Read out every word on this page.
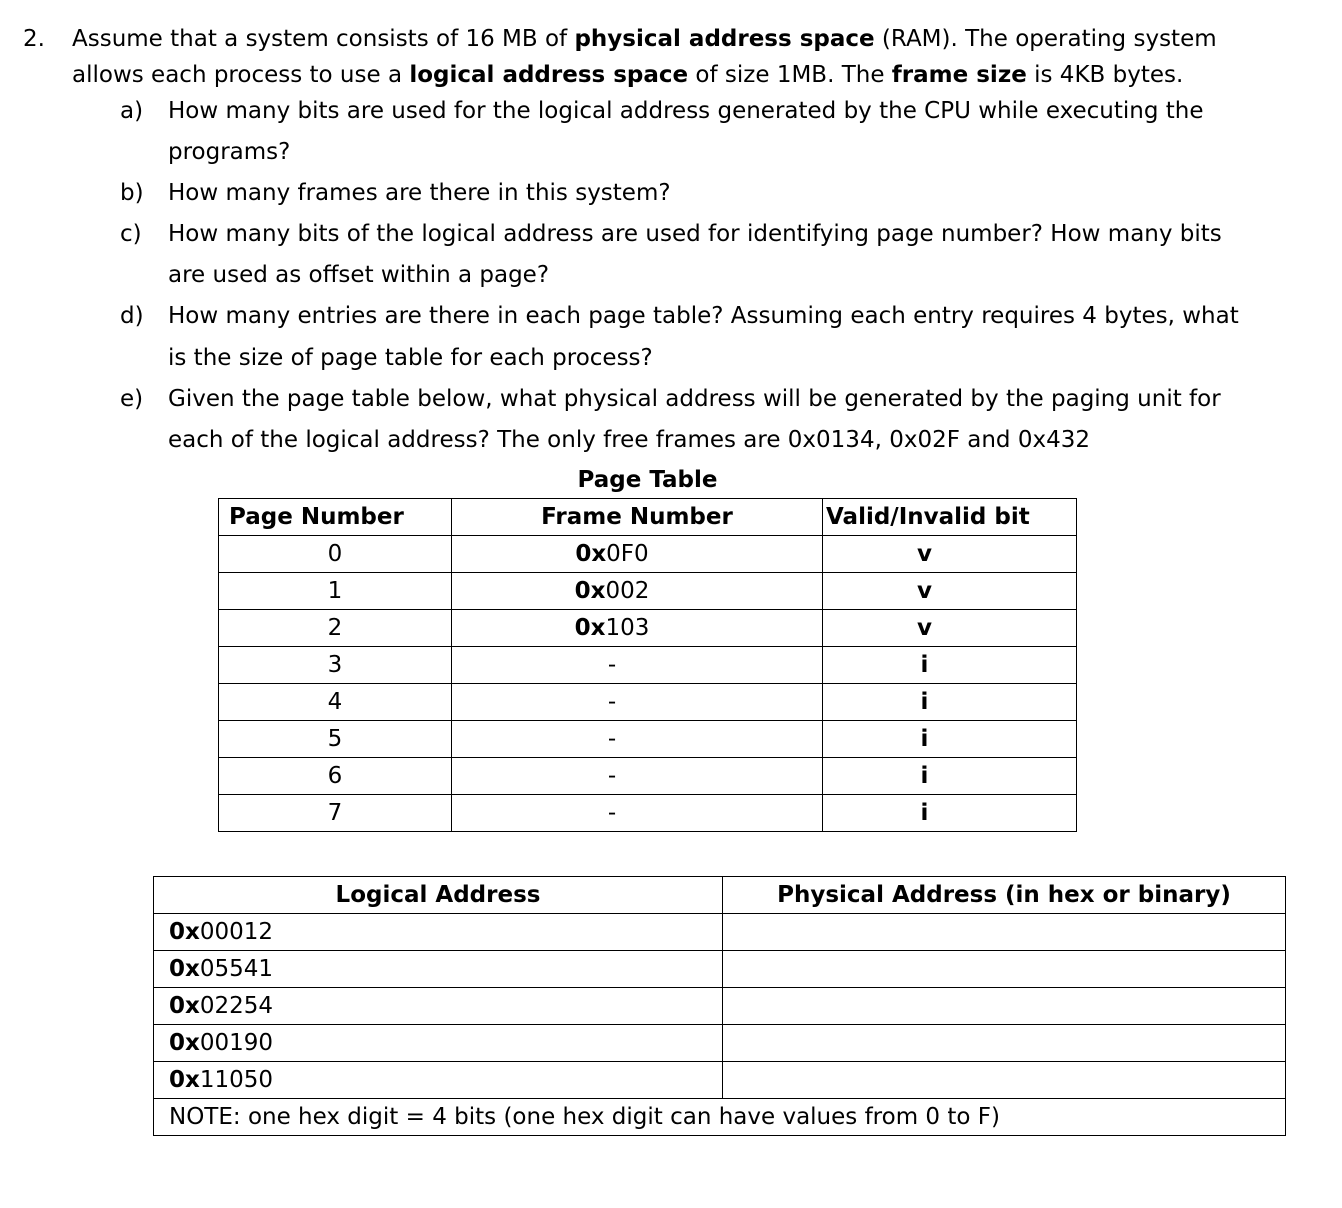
2. Assume that a system consists of 16 MB of physical address space (RAM). The operating system
allows each process to use a logical address space of size 1MB. The frame size is 4KB bytes.
a) How many bits are used for the logical address generated by the CPU while executing the
programs?
b) How many frames are there in this system?
c) How many bits of the logical address are used for identifying page number? How many bits
are used as offset within a page?
d) How many entries are there in each page table? Assuming each entry requires 4 bytes, what
is the size of page table for each process?
e) Given the page table below, what physical address will be generated by the paging unit for
each of the logical address? The only free frames are 0x0134, 0x02F and 0x432
Page Table		
Page Number	Frame Number	Valid/Invalid bit
0	0x0F0	v
1	0x002	v
2	0x103	v
3	-	i
4	-	i
5	-	i
6	-	i
7	-	i
Logical Address	Physical Address (in hex or binary)
0x00012	
0x05541	
0x02254	
0x00190	
0x11050	
NOTE: one hex digit = 4 bits (one hex digit can have values from 0 to F)	
